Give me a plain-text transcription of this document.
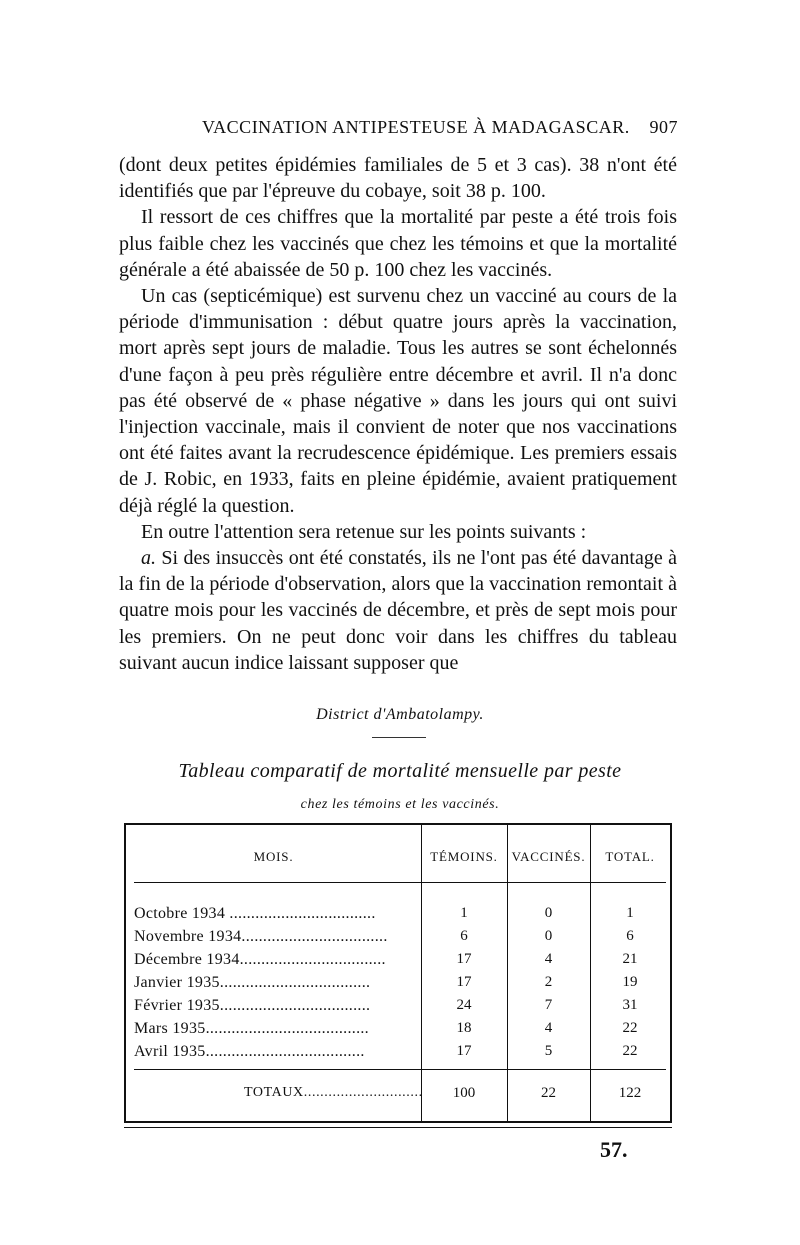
VACCINATION ANTIPESTEUSE À MADAGASCAR. 907

(dont deux petites épidémies familiales de 5 et 3 cas). 38 n'ont été identifiés que par l'épreuve du cobaye, soit 38 p. 100.

Il ressort de ces chiffres que la mortalité par peste a été trois fois plus faible chez les vaccinés que chez les témoins et que la mortalité générale a été abaissée de 50 p. 100 chez les vaccinés.

Un cas (septicémique) est survenu chez un vacciné au cours de la période d'immunisation : début quatre jours après la vaccination, mort après sept jours de maladie. Tous les autres se sont échelonnés d'une façon à peu près régulière entre décembre et avril. Il n'a donc pas été observé de « phase négative » dans les jours qui ont suivi l'injection vaccinale, mais il convient de noter que nos vaccinations ont été faites avant la recrudescence épidémique. Les premiers essais de J. Robic, en 1933, faits en pleine épidémie, avaient pratiquement déjà réglé la question.

En outre l'attention sera retenue sur les points suivants :

a. Si des insuccès ont été constatés, ils ne l'ont pas été davantage à la fin de la période d'observation, alors que la vaccination remontait à quatre mois pour les vaccinés de décembre, et près de sept mois pour les premiers. On ne peut donc voir dans les chiffres du tableau suivant aucun indice laissant supposer que

District d'Ambatolampy.
Tableau comparatif de mortalité mensuelle par peste
chez les témoins et les vaccinés.
MOIS.	TÉMOINS.	VACCINÉS.	TOTAL.
Octobre 1934 ..................................	1	0	1
Novembre 1934..................................	6	0	6
Décembre 1934..................................	17	4	21
Janvier 1935...................................	17	2	19
Février 1935...................................	24	7	31
Mars 1935......................................	18	4	22
Avril 1935.....................................	17	5	22
TOTAUX.............................	100	22	122
57.
